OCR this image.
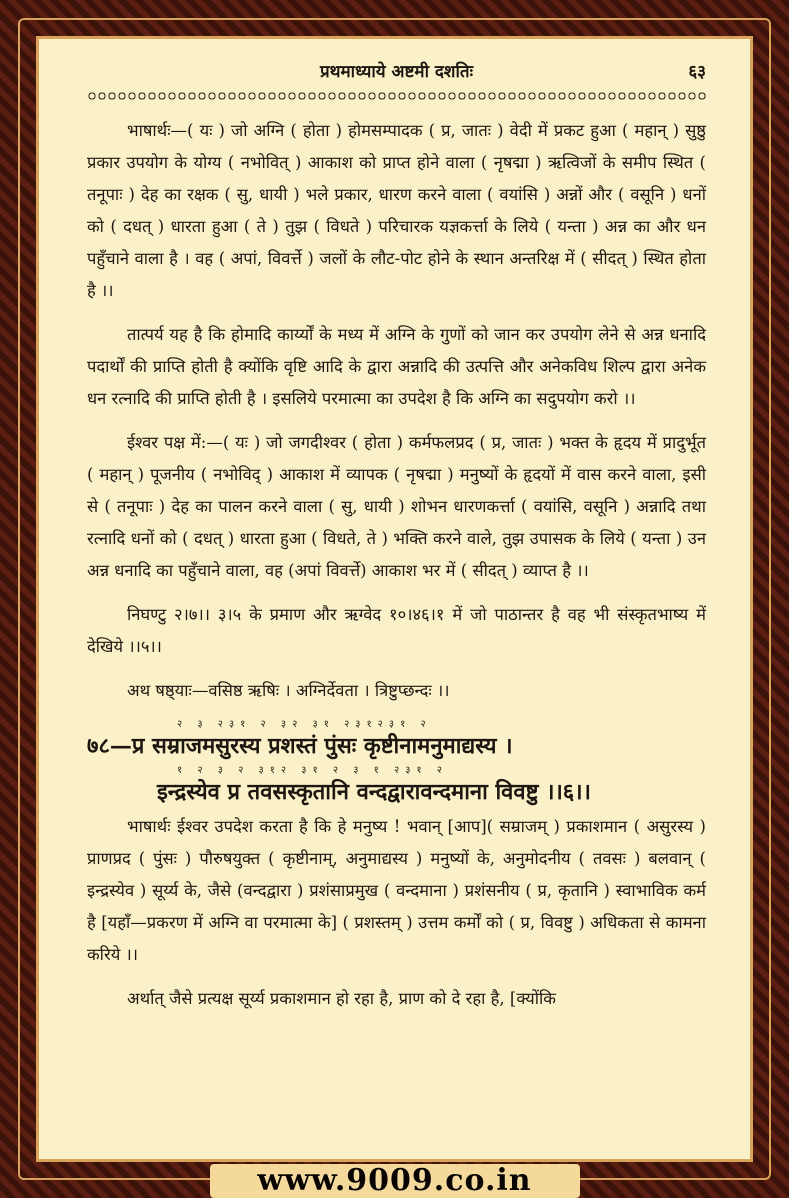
प्रथमाध्याये अष्टमी दशतिः	६३

भाषार्थः—( यः ) जो अग्नि ( होता ) होमसम्पादक ( प्र, जातः ) वेदी में प्रकट हुआ ( महान् ) सुष्ठु प्रकार उपयोग के योग्य ( नभोवित् ) आकाश को प्राप्त होने वाला ( नृषद्मा ) ऋत्विजों के समीप स्थित ( तनूपाः ) देह का रक्षक ( सु, धायी ) भले प्रकार, धारण करने वाला ( वयांसि ) अन्नों और ( वसूनि ) धनों को ( दधत् ) धारता हुआ ( ते ) तुझ ( विधते ) परिचारक यज्ञकर्त्ता के लिये ( यन्ता ) अन्न का और धन पहुँचाने वाला है । वह ( अपां, विवर्त्ते ) जलों के लौट-पोट होने के स्थान अन्तरिक्ष में ( सीदत् ) स्थित होता है ।।

तात्पर्य यह है कि होमादि कार्य्यों के मध्य में अग्नि के गुणों को जान कर उपयोग लेने से अन्न धनादि पदार्थों की प्राप्ति होती है क्योंकि वृष्टि आदि के द्वारा अन्नादि की उत्पत्ति और अनेकविध शिल्प द्वारा अनेक धन रत्नादि की प्राप्ति होती है । इसलिये परमात्मा का उपदेश है कि अग्नि का सदुपयोग करो ।।

ईश्वर पक्ष में:—( यः ) जो जगदीश्वर ( होता ) कर्मफलप्रद ( प्र, जातः ) भक्त के हृदय में प्रादुर्भूत ( महान् ) पूजनीय ( नभोविद् ) आकाश में व्यापक ( नृषद्मा ) मनुष्यों के हृदयों में वास करने वाला, इसी से ( तनूपाः ) देह का पालन करने वाला ( सु, धायी ) शोभन धारणकर्त्ता ( वयांसि, वसूनि ) अन्नादि तथा रत्नादि धनों को ( दधत् ) धारता हुआ ( विधते, ते ) भक्ति करने वाले, तुझ उपासक के लिये ( यन्ता ) उन अन्न धनादि का पहुँचाने वाला, वह (अपां विवर्त्ते) आकाश भर में ( सीदत् ) व्याप्त है ।।

निघण्टु २।७।। ३।५ के प्रमाण और ऋग्वेद १०।४६।१ में जो पाठान्तर है वह भी संस्कृतभाष्य में देखिये ।।५।।

अथ षष्ठ्याः—वसिष्ठ ऋषिः । अग्निर्देवता । त्रिष्टुप्छन्दः ।।

२ ३ २३१ २ ३२ ३१ २३१२३१ २
७८—प्र सम्राजमसुरस्य प्रशस्तं पुंसः कृष्टीनामनुमाद्यस्य ।
१ २ ३ २ ३१२ ३१ २ ३ १ २३१ २
इन्द्रस्येव प्र तवसस्कृतानि वन्दद्वारावन्दमाना विवष्टु ।।६।।

भाषार्थः ईश्वर उपदेश करता है कि हे मनुष्य ! भवान् [आप]( सम्राजम् ) प्रकाशमान ( असुरस्य ) प्राणप्रद ( पुंसः ) पौरुषयुक्त ( कृष्टीनाम्, अनुमाद्यस्य ) मनुष्यों के, अनुमोदनीय ( तवसः ) बलवान् ( इन्द्रस्येव ) सूर्य्य के, जैसे (वन्दद्वारा ) प्रशंसाप्रमुख ( वन्दमाना ) प्रशंसनीय ( प्र, कृतानि ) स्वाभाविक कर्म है [यहाँ—प्रकरण में अग्नि वा परमात्मा के] ( प्रशस्तम् ) उत्तम कर्मों को ( प्र, विवष्टु ) अधिकता से कामना करिये ।।

अर्थात् जैसे प्रत्यक्ष सूर्य्य प्रकाशमान हो रहा है, प्राण को दे रहा है, [क्योंकि

www.9009.co.in
